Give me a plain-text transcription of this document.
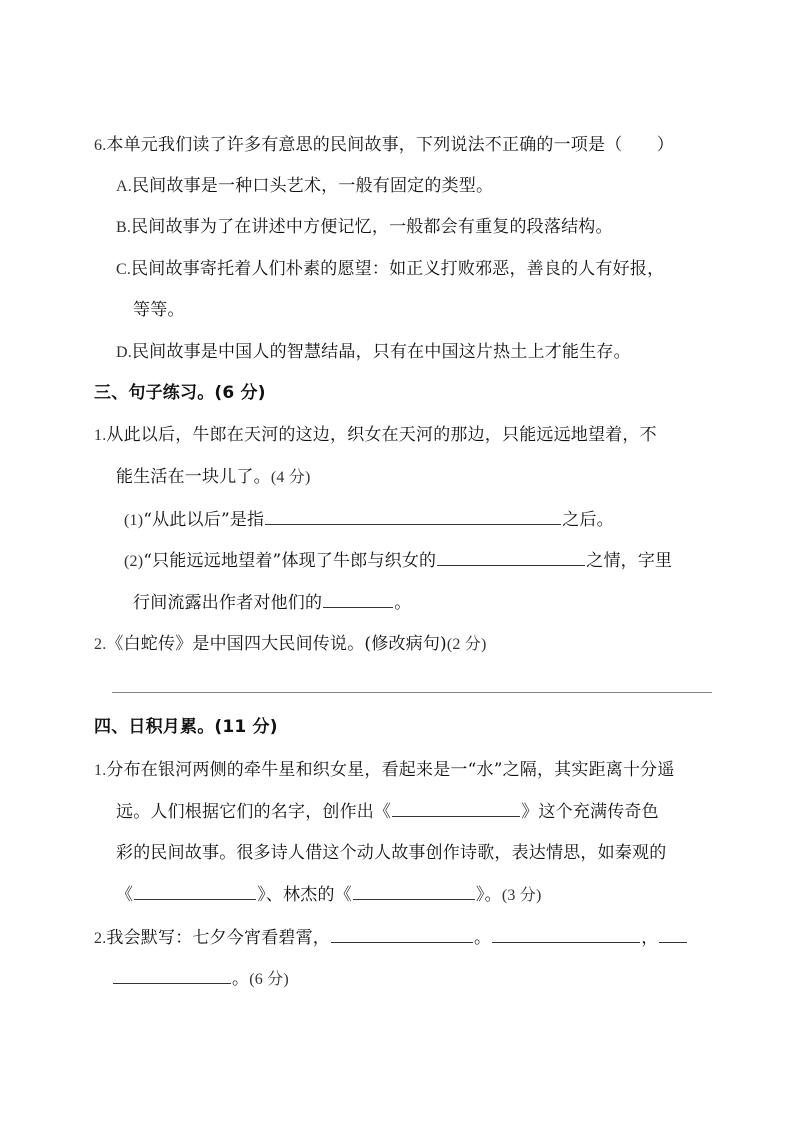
6.本单元我们读了许多有意思的民间故事，下列说法不正确的一项是（　　）
A.民间故事是一种口头艺术，一般有固定的类型。
B.民间故事为了在讲述中方便记忆，一般都会有重复的段落结构。
C.民间故事寄托着人们朴素的愿望：如正义打败邪恶，善良的人有好报，
等等。
D.民间故事是中国人的智慧结晶，只有在中国这片热土上才能生存。
三、句子练习。(6 分)
1.从此以后，牛郎在天河的这边，织女在天河的那边，只能远远地望着，不
能生活在一块儿了。(4 分)
(1)“从此以后”是指	之后。
(2)“只能远远地望着”体现了牛郎与织女的	之情，字里
行间流露出作者对他们的	。
2.《白蛇传》是中国四大民间传说。(修改病句)(2 分)
四、日积月累。(11 分)
1.分布在银河两侧的牵牛星和织女星，看起来是一“水”之隔，其实距离十分遥
远。人们根据它们的名字，创作出《	》这个充满传奇色
彩的民间故事。很多诗人借这个动人故事创作诗歌，表达情思，如秦观的
《	》、林杰的《	》。(3 分)
2.我会默写：七夕今宵看碧霄，	。	，
。(6 分)
